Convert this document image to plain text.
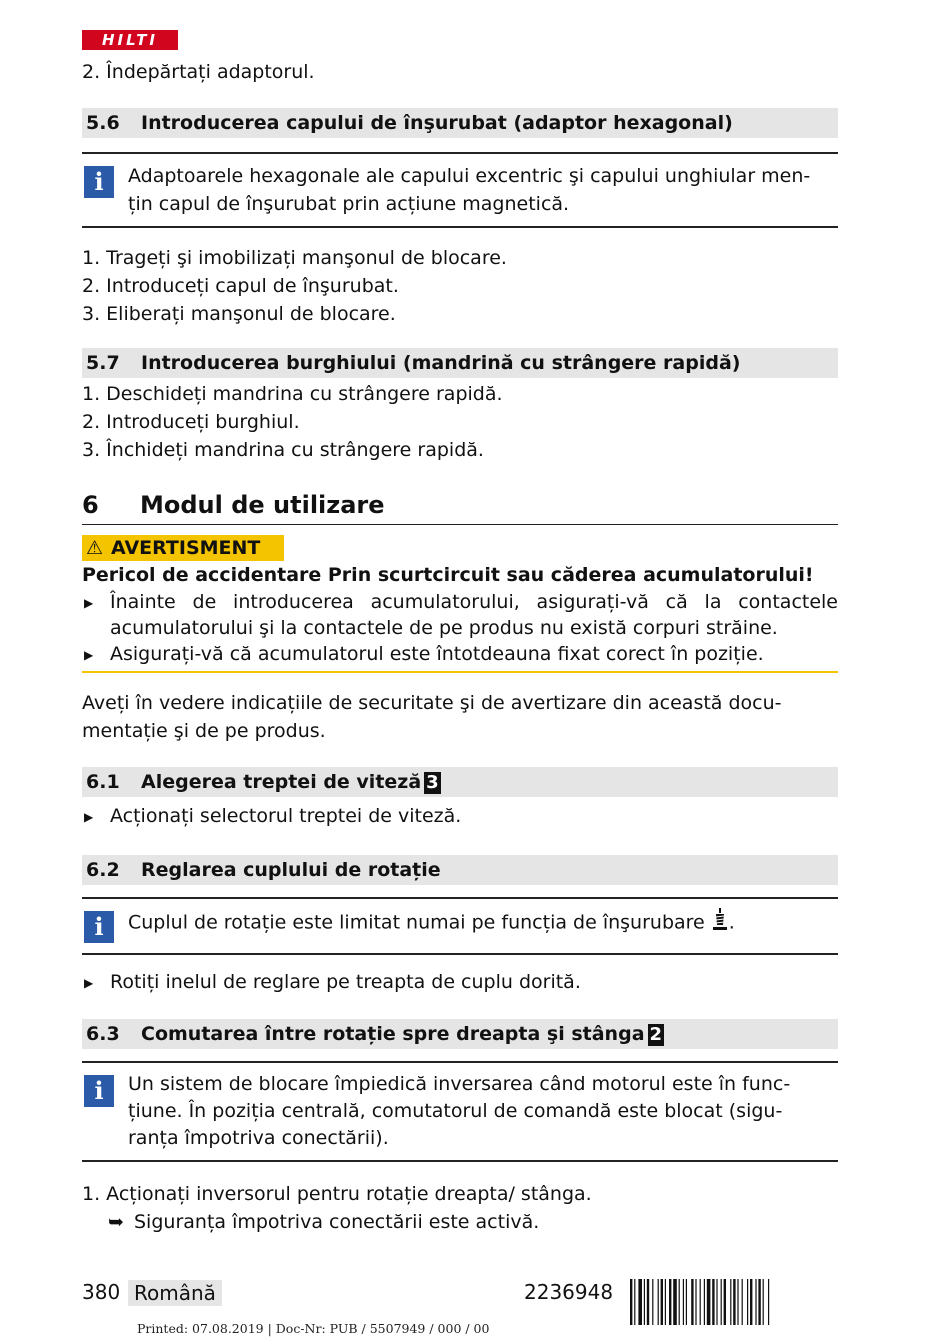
HILTI
2. Îndepărtați adaptorul.
5.6	Introducerea capului de înşurubat (adaptor hexagonal)
i	Adaptoarele hexagonale ale capului excentric şi capului unghiular men-
țin capul de înşurubat prin acțiune magnetică.
1. Trageți şi imobilizați manşonul de blocare.
2. Introduceți capul de înşurubat.
3. Eliberați manşonul de blocare.
5.7	Introducerea burghiului (mandrină cu strângere rapidă)
1. Deschideți mandrina cu strângere rapidă.
2. Introduceți burghiul.
3. Închideți mandrina cu strângere rapidă.
6	Modul de utilizare
⚠ AVERTISMENT
Pericol de accidentare Prin scurtcircuit sau căderea acumulatorului!
▶ Înainte de introducerea acumulatorului, asigurați-vă că la contactele acumulatorului şi la contactele de pe produs nu există corpuri străine.
▶ Asigurați-vă că acumulatorul este întotdeauna fixat corect în poziție.
Aveți în vedere indicațiile de securitate şi de avertizare din această docu-
mentație şi de pe produs.
6.1	Alegerea treptei de viteză 3
▶ Acționați selectorul treptei de viteză.
6.2	Reglarea cuplului de rotație
i	Cuplul de rotație este limitat numai pe funcția de înşurubare .
▶ Rotiți inelul de reglare pe treapta de cuplu dorită.
6.3	Comutarea între rotație spre dreapta şi stânga 2
i	Un sistem de blocare împiedică inversarea când motorul este în func-
țiune. În poziția centrală, comutatorul de comandă este blocat (sigu-
ranța împotriva conectării).
1. Acționați inversorul pentru rotație dreapta/ stânga.
➥ Siguranța împotriva conectării este activă.
380 Română	2236948
Printed: 07.08.2019 | Doc-Nr: PUB / 5507949 / 000 / 00
